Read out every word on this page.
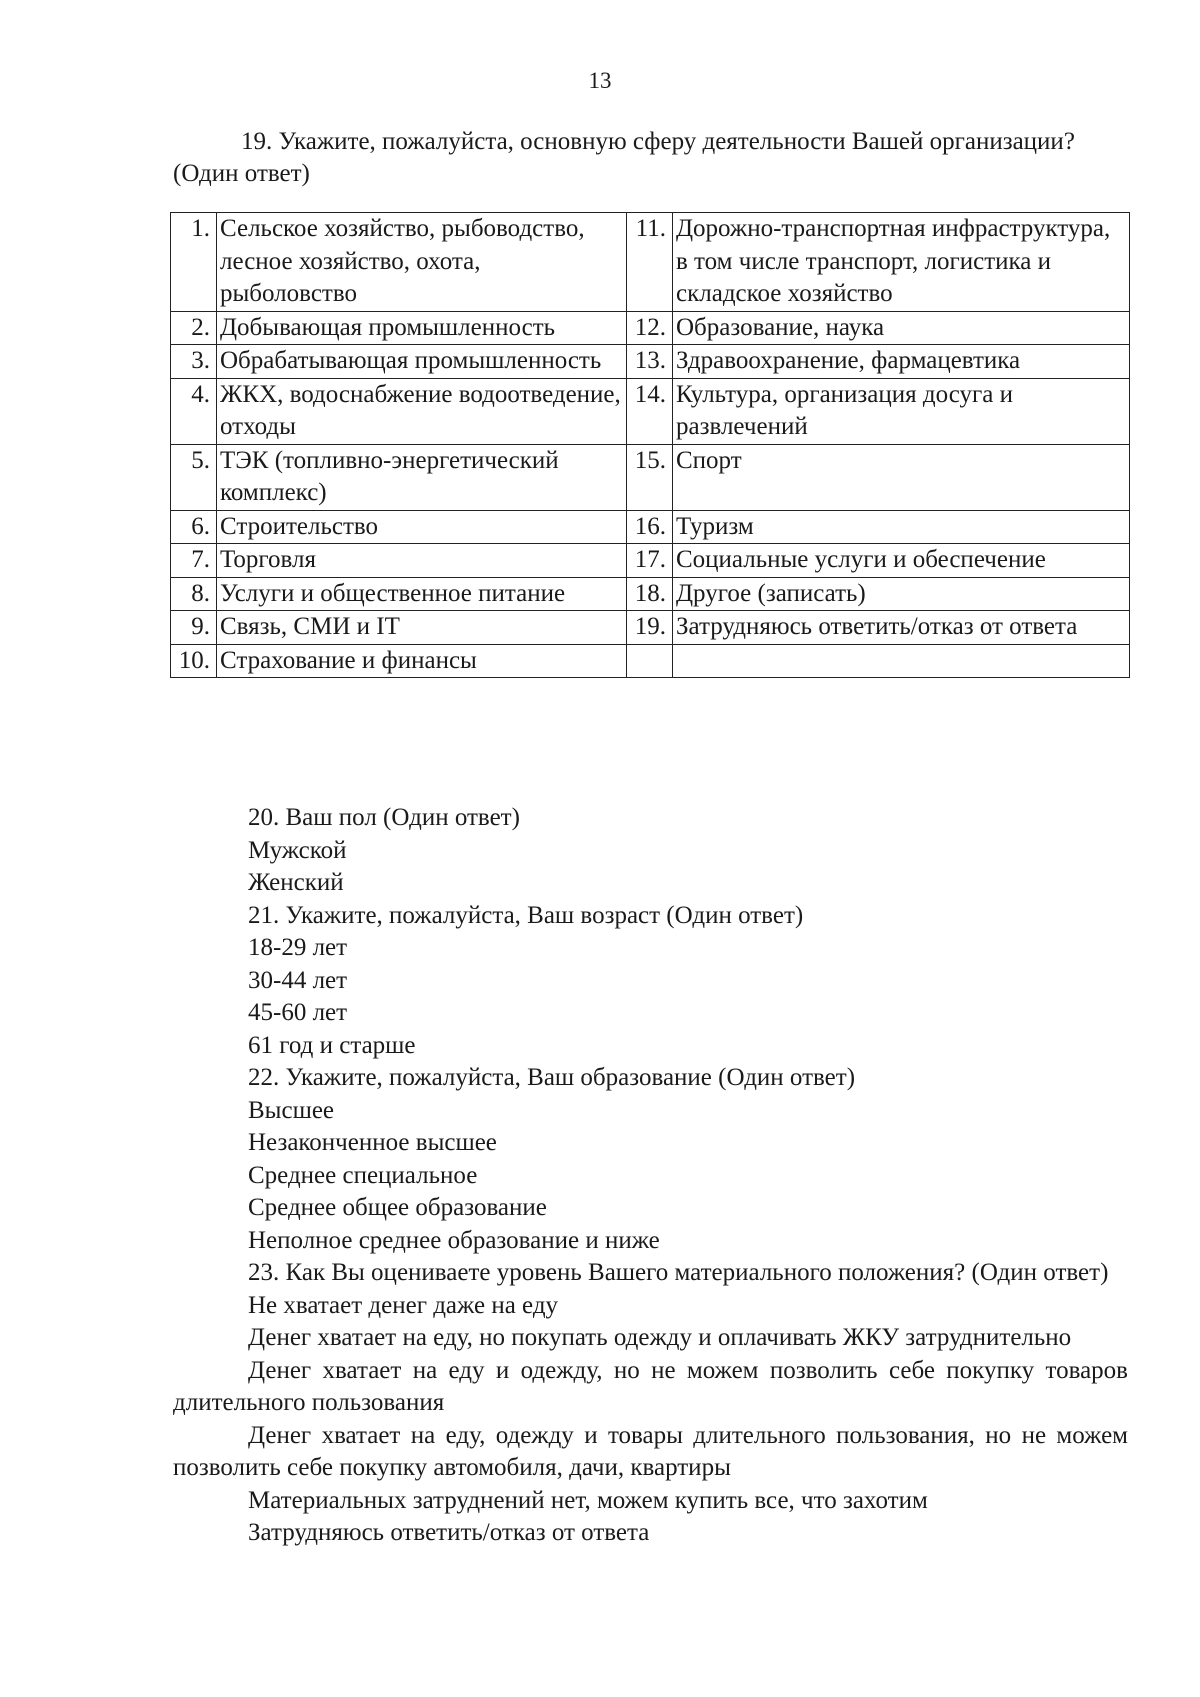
13
19. Укажите, пожалуйста, основную сферу деятельности Вашей организации? (Один ответ)
1.	Сельское хозяйство, рыбоводство, лесное хозяйство, охота, рыболовство	11.	Дорожно-транспортная инфраструктура, в том числе транспорт, логистика и складское хозяйство
2.	Добывающая промышленность	12.	Образование, наука
3.	Обрабатывающая промышленность	13.	Здравоохранение, фармацевтика
4.	ЖКХ, водоснабжение водоотведение, отходы	14.	Культура, организация досуга и развлечений
5.	ТЭК (топливно-энергетический комплекс)	15.	Спорт
6.	Строительство	16.	Туризм
7.	Торговля	17.	Социальные услуги и обеспечение
8.	Услуги и общественное питание	18.	Другое (записать)
9.	Связь, СМИ и IT	19.	Затрудняюсь ответить/отказ от ответа
10.	Страхование и финансы		
20. Ваш пол (Один ответ)
Мужской
Женский
21. Укажите, пожалуйста, Ваш возраст (Один ответ)
18-29 лет
30-44 лет
45-60 лет
61 год и старше
22. Укажите, пожалуйста, Ваш образование (Один ответ)
Высшее
Незаконченное высшее
Среднее специальное
Среднее общее образование
Неполное среднее образование и ниже
23. Как Вы оцениваете уровень Вашего материального положения? (Один ответ)
Не хватает денег даже на еду
Денег хватает на еду, но покупать одежду и оплачивать ЖКУ затруднительно
Денег хватает на еду и одежду, но не можем позволить себе покупку товаров длительного пользования
Денег хватает на еду, одежду и товары длительного пользования, но не можем позволить себе покупку автомобиля, дачи, квартиры
Материальных затруднений нет, можем купить все, что захотим
Затрудняюсь ответить/отказ от ответа
